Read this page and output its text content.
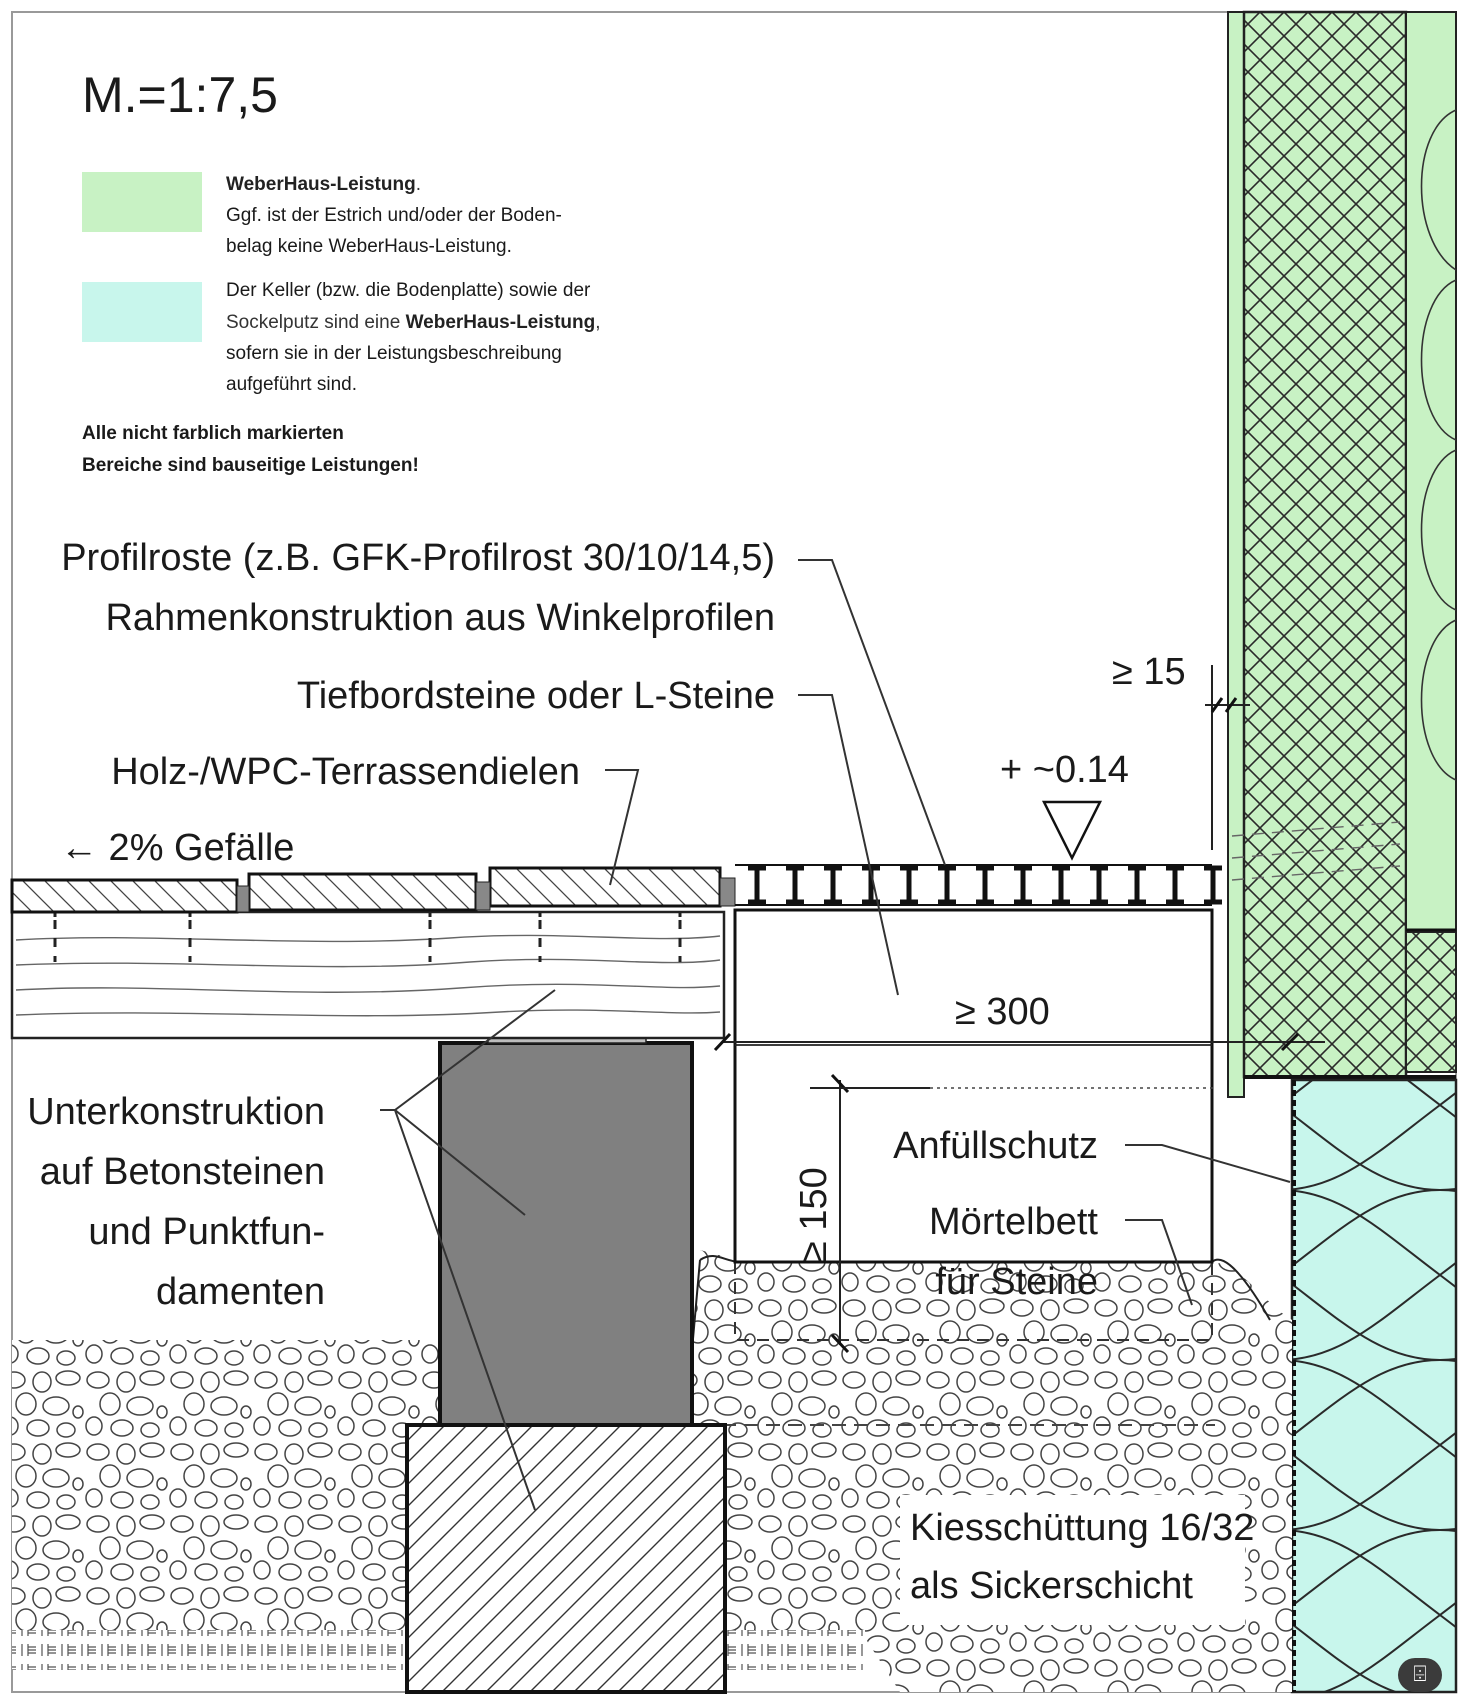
M.=1:7,5
WeberHaus-Leistung.
Ggf. ist der Estrich und/oder der Boden-
belag keine WeberHaus-Leistung.
Der Keller (bzw. die Bodenplatte) sowie der
Sockelputz sind eine WeberHaus-Leistung,
sofern sie in der Leistungsbeschreibung
aufgeführt sind.
Alle nicht farblich markierten
Bereiche sind bauseitige Leistungen!
Profilroste (z.B. GFK-Profilrost 30/10/14,5)
Rahmenkonstruktion aus Winkelprofilen
Tiefbordsteine oder L-Steine
Holz-/WPC-Terrassendielen
← 2% Gefälle
Unterkonstruktion
auf Betonsteinen
und Punktfun-
damenten
Anfüllschutz
Mörtelbett
für Steine
Kiesschüttung 16/32
als Sickerschicht
≥ 15
+ ~0.14
≥ 300
≥ 150
⌹
